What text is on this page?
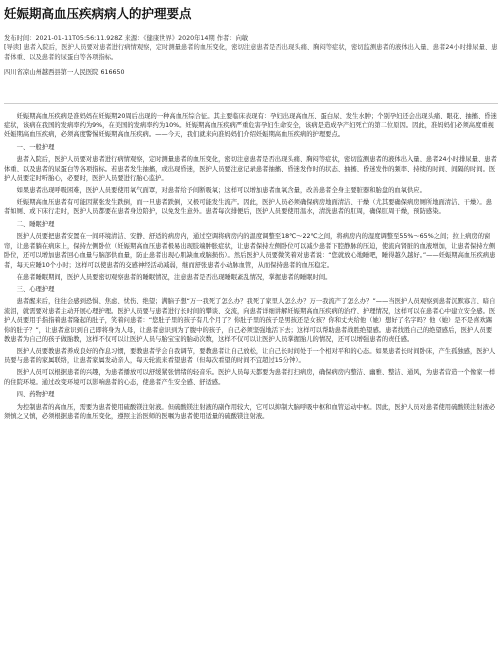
妊娠期高血压疾病病人的护理要点

发布时间：2021-01-11T05:56:11.928Z 来源：《健康世界》2020年14期 作者：向敏

[导读] 患者入院后，医护人员要对患者进行病情观察，定时测量患者的血压变化，密切注意患者是否出现头痛、胸闷等症状，密切监测患者的液体出入量、患者24小时排尿量、患者体重、以及患者的尿蛋白等各项指标。

四川省凉山州越西县第一人民医院 616650

妊娠期高血压疾病是准妈妈在妊娠期20周后出现的一种高血压综合征。其主要临床表现有：孕妇出现高血压、蛋白尿、发生水肿；个别孕妇还会出现头痛、眼花、抽搐、昏迷症状，该病在我国的发病率约为9%，在美国的发病率约为10%。妊娠期高血压疾病严重危害孕妇生命安全，该病是造成孕产妇死亡的第二位原因。因此，准妈妈们必须高度重视妊娠期高血压疾病，必须高度警惕妊娠期高血压疾病。——今天，我们就来向准妈妈们介绍妊娠期高血压疾病的护理要点。

一、一般护理

患者入院后，医护人员要对患者进行病情观察，定时测量患者的血压变化，密切注意患者是否出现头痛、胸闷等症状，密切监测患者的液体出入量、患者24小时排尿量、患者体重、以及患者的尿蛋白等各项指标。若患者发生抽搐，或出现昏迷，医护人员要注意记录患者抽搐、昏迷发作时的状态、抽搐、昏迷发作的频率、持续的时间、间隔的时间。医护人员要定时听胎心，必要时，医护人员要进行胎心监护。

如果患者出现呼吸困难，医护人员要使用氧气面罩，对患者给予间断吸氧；这样可以增加患者血氧含量，改善患者全身主要脏器和胎盘的血氧供应。

妊娠期高血压患者有可能因紧张发生跌倒，而一旦患者跌倒，又极可能发生流产。因此，医护人员必须确保病房地面清洁、干燥（尤其要确保病房厕所地面清洁、干燥）。患者如厕、或下床行走时，医护人员都要在患者身边陪护，以免发生意外。患者每次排便后，医护人员要使用温水，清洗患者的肛周，确保肛周干燥，预防感染。

二、睡眠护理

医护人员要把患者安置在一间环境清洁、安静、舒适的病房内，通过空调将病房内的温度调整至18℃～22℃之间，将病房内的湿度调整至55%～65%之间；拉上病房的窗帘，让患者躺在病床上，保持左侧卧位（妊娠期高血压患者极易出现肢端肿胀症状，让患者保持左侧卧位可以减少患者下腔静脉的压迫，使流向肾脏的血液增加，让患者保持左侧卧位，还可以增加患者回心血量与脑部供血量，防止患者出现心肌缺血或脑损伤）。然后医护人员要微笑着对患者说：“您就放心地睡吧，睡得越久越好。”——妊娠期高血压疾病患者，每天应睡10个小时；这样可以使患者的交感神经活动减弱，继而舒张患者小动脉血管，从而保持患者的血压稳定。

在患者睡眠期间，医护人员要密切观察患者的睡眠情况，注意患者是否出现睡眠紊乱情况，掌握患者的睡眠时间。

三、心理护理

患者醒来后，往往会感到恐惧、焦虑、忧伤、绝望；满脑子想“万一我死了怎么办？我死了家里人怎么办？万一我流产了怎么办？”——当医护人员观察到患者沉默寡言、暗自流泪，就需要对患者主动开展心理护理。医护人员要与患者进行长时间的攀谈、交流，向患者详细讲解妊娠期高血压疾病的治疗、护理情况，这样可以在患者心中建立安全感。医护人员要用手指指着患者隆起的肚子，笑着问患者：“您肚子里的孩子有几个月了？你肚子里的孩子是男孩还是女孩？你和丈夫给他（她）想好了名字吗？他（她）是不是喜欢踢你的肚子？”，让患者意识到自己即将身为人母，让患者意识到为了腹中的孩子，自己必须坚强地活下去；这样可以帮助患者战胜绝望感。患者找胜自己的绝望感后，医护人员要教患者为自己的孩子做胎教，这样不仅可以让医护人员与胎宝宝的胎动次数，这样不仅可以让医护人员掌握胎儿的情况，还可以增强患者的责任感。

医护人员要教患者养成良好的作息习惯，要教患者学会自我调节，要教患者让自己放松，让自己长时间处于一个相对平和的心态。如果患者长时间卧床，产生孤独感，医护人员要与患者的家属联络，让患者家属发动亲人，每天轮流来看望患者（但每次看望的时间不宜超过15分钟）。

医护人员可以根据患者的兴趣，为患者播放可以舒缓紧张情绪的轻音乐。医护人员每天都要为患者打扫病房，确保病房内整洁、幽雅、整洁、通风，为患者营造一个像家一样的住院环境。通过改变环境可以影响患者的心态，使患者产生安全感、舒适感。

四、药物护理

为控制患者的高血压，需要为患者使用硫酸镁注射液。但硫酸镁注射液的副作用较大，它可以抑制大脑呼吸中枢和血管运动中枢。因此，医护人员对患者使用硫酸镁注射液必须慎之又慎，必须根据患者的血压变化，遵照主治医师的医嘱为患者使用适量的硫酸镁注射液。
